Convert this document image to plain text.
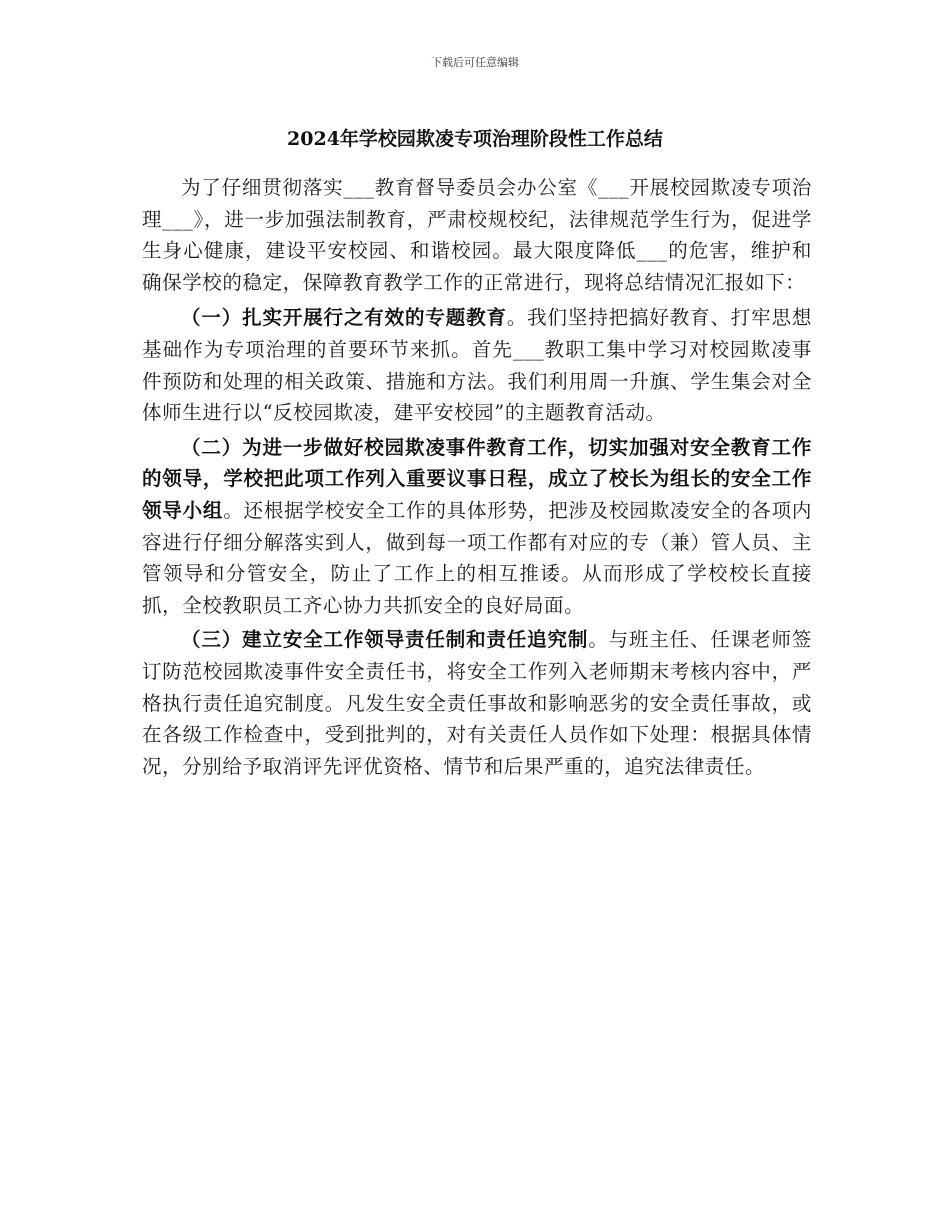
下载后可任意编辑
2024年学校园欺凌专项治理阶段性工作总结

为了仔细贯彻落实___教育督导委员会办公室《___开展校园欺凌专项治理___》，进一步加强法制教育，严肃校规校纪，法律规范学生行为，促进学生身心健康，建设平安校园、和谐校园。最大限度降低___的危害，维护和确保学校的稳定，保障教育教学工作的正常进行，现将总结情况汇报如下：

（一）扎实开展行之有效的专题教育。我们坚持把搞好教育、打牢思想基础作为专项治理的首要环节来抓。首先___教职工集中学习对校园欺凌事件预防和处理的相关政策、措施和方法。我们利用周一升旗、学生集会对全体师生进行以“反校园欺凌，建平安校园”的主题教育活动。

（二）为进一步做好校园欺凌事件教育工作，切实加强对安全教育工作的领导，学校把此项工作列入重要议事日程，成立了校长为组长的安全工作领导小组。还根据学校安全工作的具体形势，把涉及校园欺凌安全的各项内容进行仔细分解落实到人，做到每一项工作都有对应的专（兼）管人员、主管领导和分管安全，防止了工作上的相互推诿。从而形成了学校校长直接抓，全校教职员工齐心协力共抓安全的良好局面。

（三）建立安全工作领导责任制和责任追究制。与班主任、任课老师签订防范校园欺凌事件安全责任书，将安全工作列入老师期末考核内容中，严格执行责任追究制度。凡发生安全责任事故和影响恶劣的安全责任事故，或在各级工作检查中，受到批判的，对有关责任人员作如下处理：根据具体情况，分别给予取消评先评优资格、情节和后果严重的，追究法律责任。
